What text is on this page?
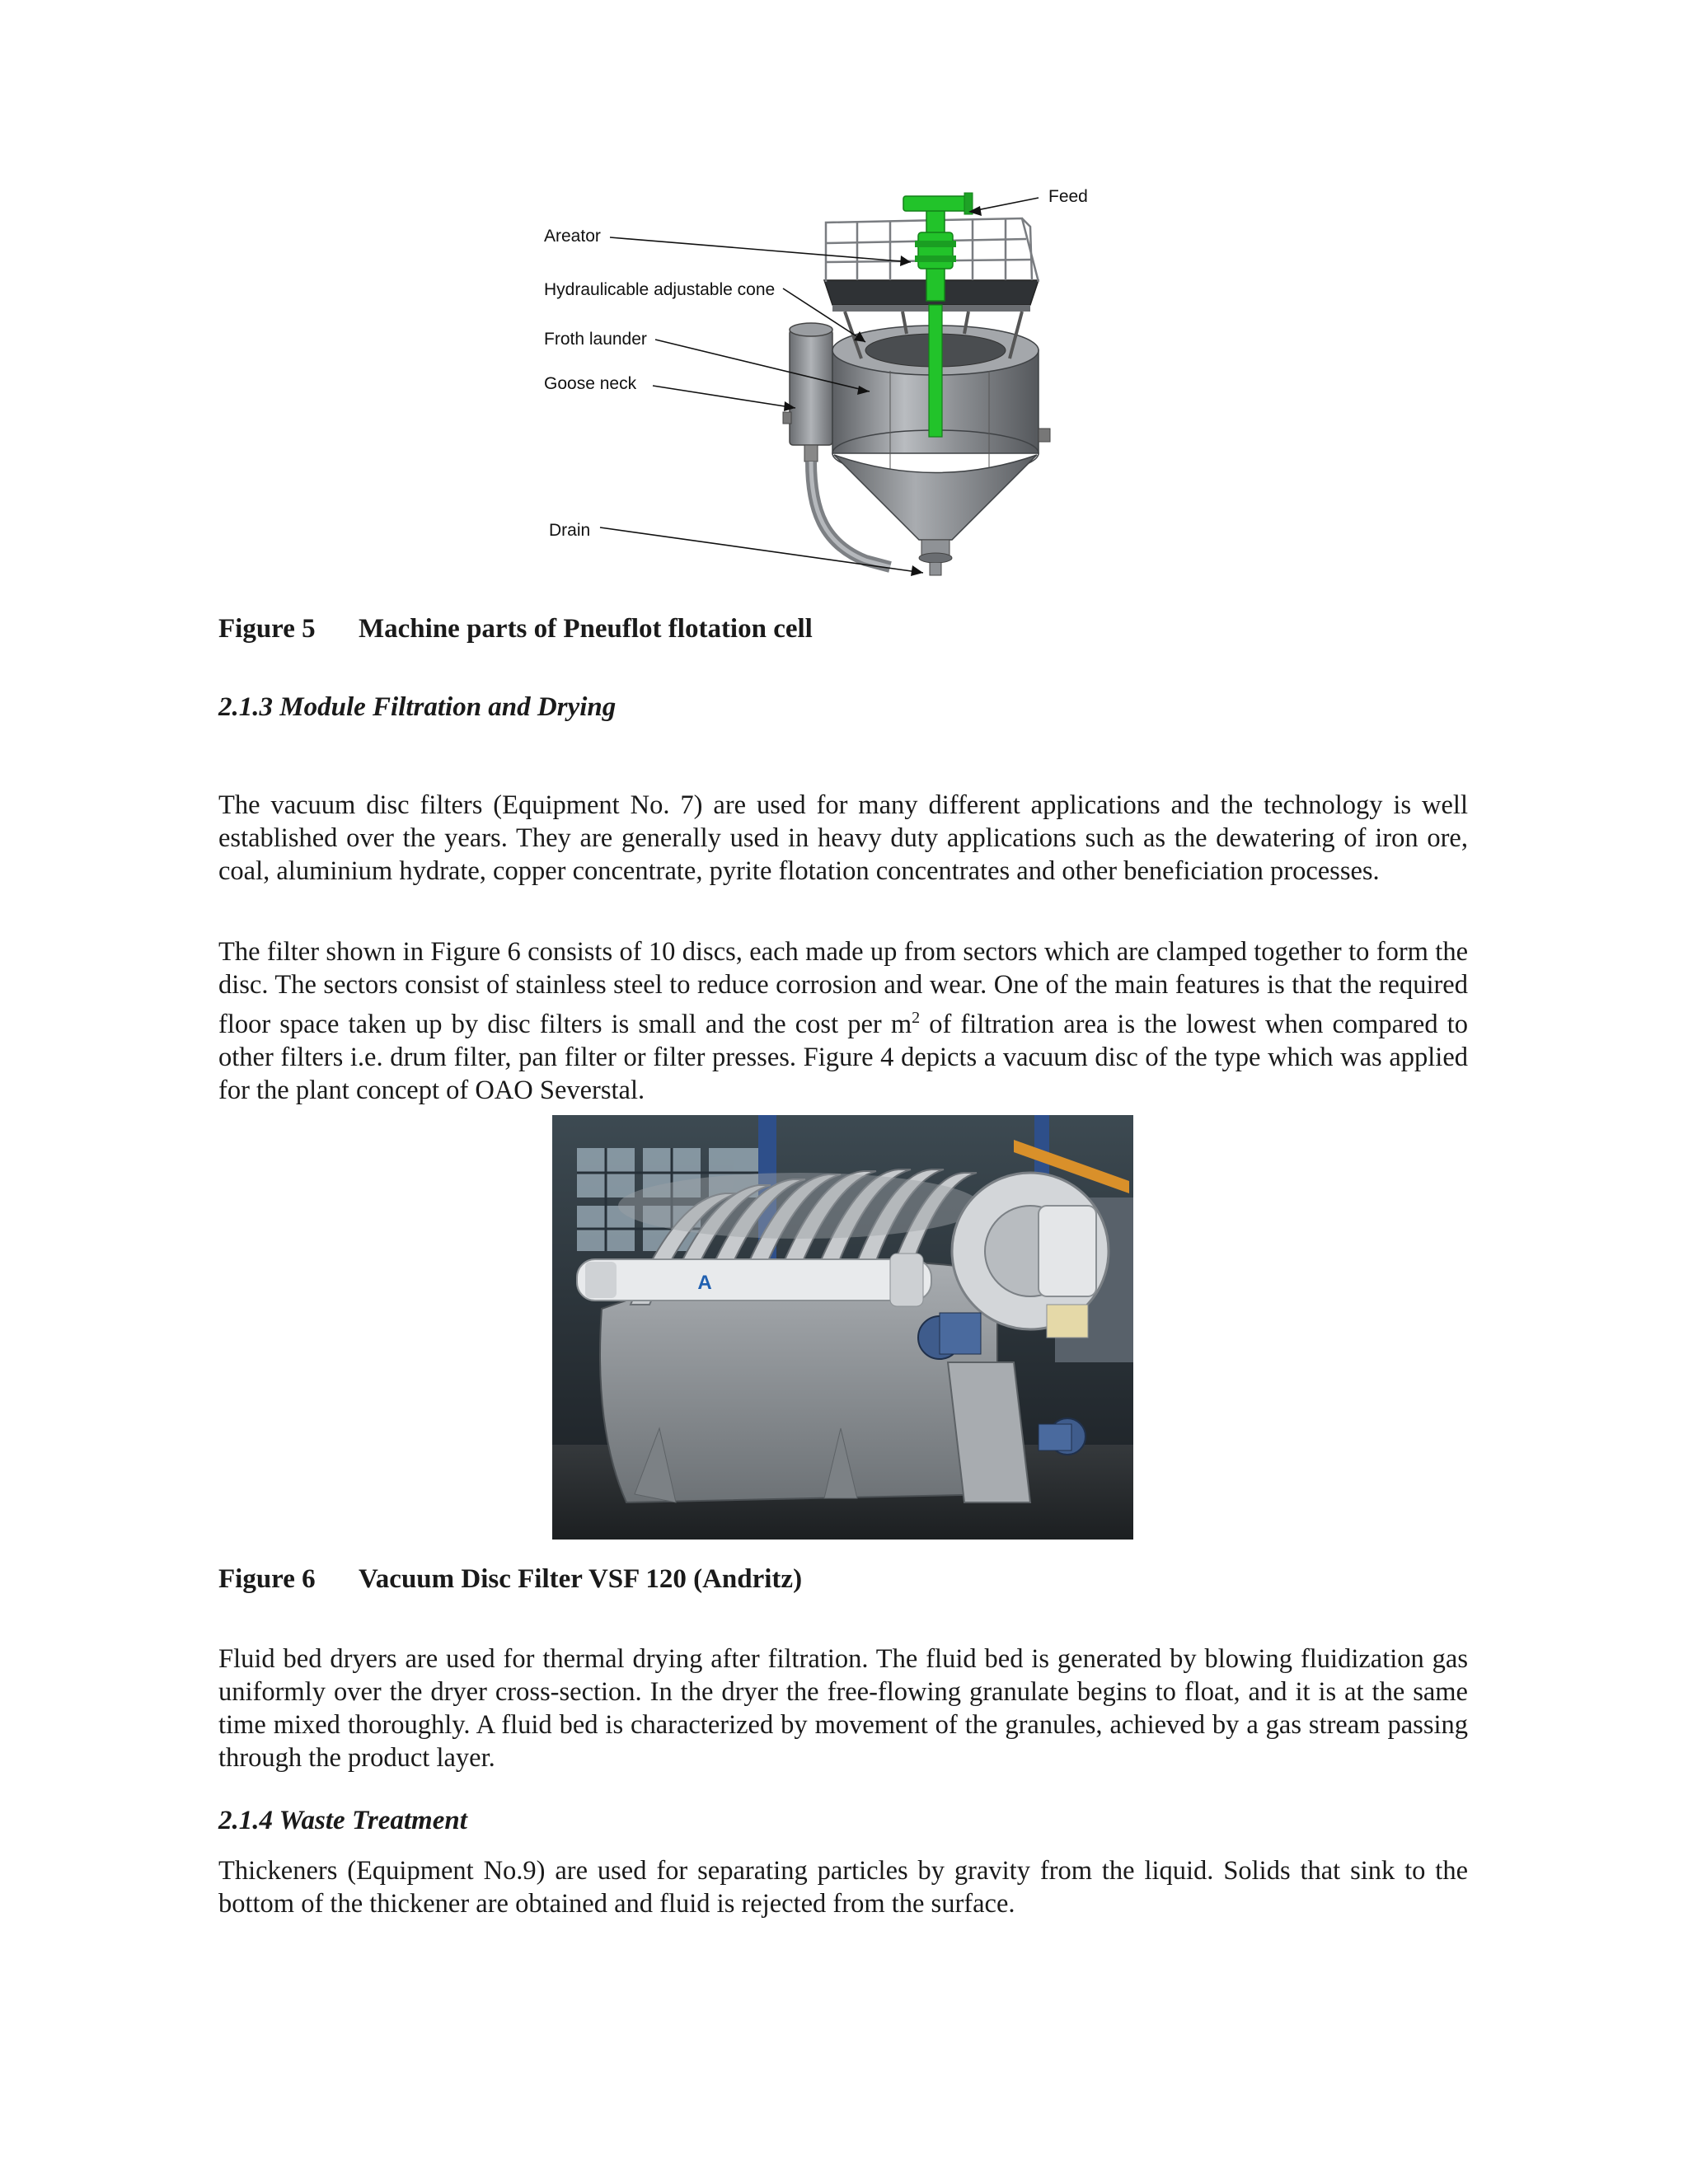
Feed
Areator
Hydraulicable adjustable cone
Froth launder
Goose neck
Drain
Figure 5 Machine parts of Pneuflot flotation cell
2.1.3 Module Filtration and Drying

The vacuum disc filters (Equipment No. 7) are used for many different applications and the technology is well established over the years. They are generally used in heavy duty applications such as the dewatering of iron ore, coal, aluminium hydrate, copper concentrate, pyrite flotation concentrates and other beneficiation processes.

The filter shown in Figure 6 consists of 10 discs, each made up from sectors which are clamped together to form the disc. The sectors consist of stainless steel to reduce corrosion and wear. One of the main features is that the required floor space taken up by disc filters is small and the cost per $m^2$ of filtration area is the lowest when compared to other filters i.e. drum filter, pan filter or filter presses. Figure 4 depicts a vacuum disc of the type which was applied for the plant concept of OAO Severstal.

A
Figure 6 Vacuum Disc Filter VSF 120 (Andritz)

Fluid bed dryers are used for thermal drying after filtration. The fluid bed is generated by blowing fluidization gas uniformly over the dryer cross-section. In the dryer the free-flowing granulate begins to float, and it is at the same time mixed thoroughly. A fluid bed is characterized by movement of the granules, achieved by a gas stream passing through the product layer.

2.1.4 Waste Treatment

Thickeners (Equipment No.9) are used for separating particles by gravity from the liquid. Solids that sink to the bottom of the thickener are obtained and fluid is rejected from the surface.
